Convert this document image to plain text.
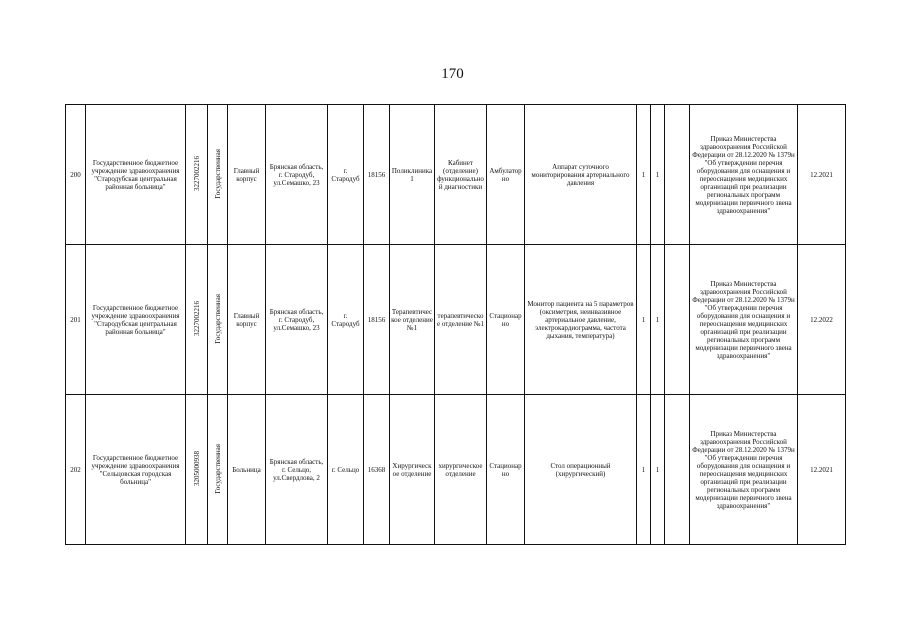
170
200	Государственное бюджетное учреждение здравоохранения "Стародубская центральная районная больница"	3227002216	Государственная	Главный корпус	Брянская область, г. Стародуб, ул.Семашко, 23	г. Стародуб	18156	Поликлиника 1	Кабинет (отделение) функциональной диагностики	Амбулаторно	Аппарат суточного мониторирования артериального давления	1	1		Приказ Министерства здравоохранения Российской Федерации от 28.12.2020 № 1379н "Об утверждении перечня оборудования для оснащения и переоснащения медицинских организаций при реализации региональных программ модернизации первичного звена здравоохранения"	12.2021
201	Государственное бюджетное учреждение здравоохранения "Стародубская центральная районная больница"	3227002216	Государственная	Главный корпус	Брянская область, г. Стародуб, ул.Семашко, 23	г. Стародуб	18156	Терапевтическое отделение №1	терапевтическое отделение №1	Стационарно	Монитор пациента на 5 параметров (оксиметрия, неинвазивное артериальное давление, электрокардиограмма, частота дыхания, температура)	1	1		Приказ Министерства здравоохранения Российской Федерации от 28.12.2020 № 1379н "Об утверждении перечня оборудования для оснащения и переоснащения медицинских организаций при реализации региональных программ модернизации первичного звена здравоохранения"	12.2022
202	Государственное бюджетное учреждение здравоохранения "Сельцовская городская больница"	3205000938	Государственная	Больница	Брянская область, г. Сельцо, ул.Свердлова, 2	г. Сельцо	16368	Хирургическое отделение	хирургическое отделение	Стационарно	Стол операционный (хирургический)	1	1		Приказ Министерства здравоохранения Российской Федерации от 28.12.2020 № 1379н "Об утверждении перечня оборудования для оснащения и переоснащения медицинских организаций при реализации региональных программ модернизации первичного звена здравоохранения"	12.2021
